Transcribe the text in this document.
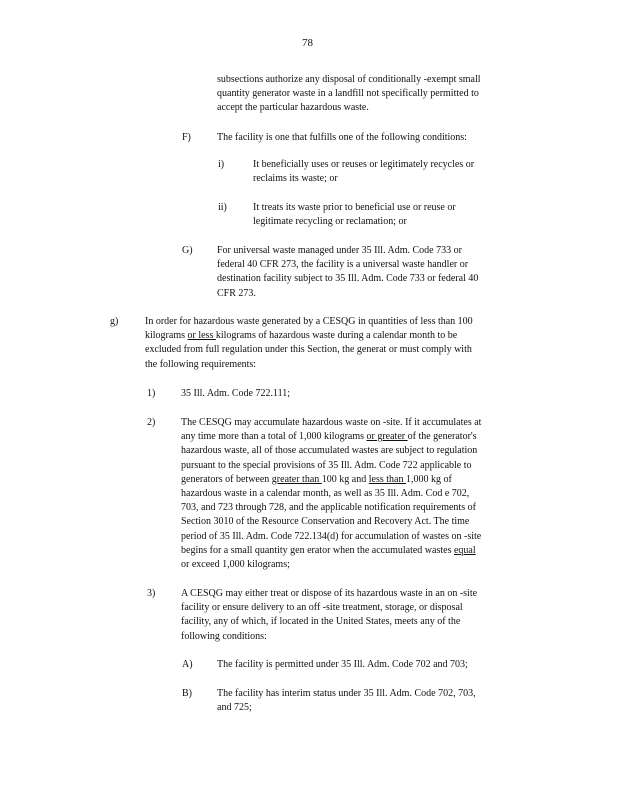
78
subsections authorize any disposal of conditionally -exempt small
quantity generator waste in a landfill not specifically permitted to
accept the particular hazardous waste.
F)	The facility is one that fulfills one of the following conditions:
i)	It beneficially uses or reuses or legitimately recycles or
reclaims its waste; or
ii)	It treats its waste prior to beneficial use or reuse or
legitimate recycling or reclamation; or
G) For universal waste managed under 35 Ill. Adm. Code 733 or
federal 40 CFR 273, the facility is a universal waste handler or
destination facility subject to 35 Ill. Adm. Code 733 or federal 40
CFR 273.
g)	In order for hazardous waste generated by a CESQG in quantities of less than 100
kilograms or less kilograms of hazardous waste during a calendar month to be
excluded from full regulation under this Section, the generat or must comply with
the following requirements:
1)	35 Ill. Adm. Code 722.111;
2)	The CESQG may accumulate hazardous waste on -site. If it accumulates at
any time more than a total of 1,000 kilograms or greater of the generator's
hazardous waste, all of those accumulated wastes are subject to regulation
pursuant to the special provisions of 35 Ill. Adm. Code 722 applicable to
generators of between greater than 100 kg and less than 1,000 kg of
hazardous waste in a calendar month, as well as 35 Ill. Adm. Cod e 702,
703, and 723 through 728, and the applicable notification requirements of
Section 3010 of the Resource Conservation and Recovery Act. The time
period of 35 Ill. Adm. Code 722.134(d) for accumulation of wastes on -site
begins for a small quantity gen erator when the accumulated wastes equal
or exceed 1,000 kilograms;
3)	A CESQG may either treat or dispose of its hazardous waste in an on -site
facility or ensure delivery to an off -site treatment, storage, or disposal
facility, any of which, if located in the United States, meets any of the
following conditions:
A) The facility is permitted under 35 Ill. Adm. Code 702 and 703;
B)	The facility has interim status under 35 Ill. Adm. Code 702, 703,
and 725;
